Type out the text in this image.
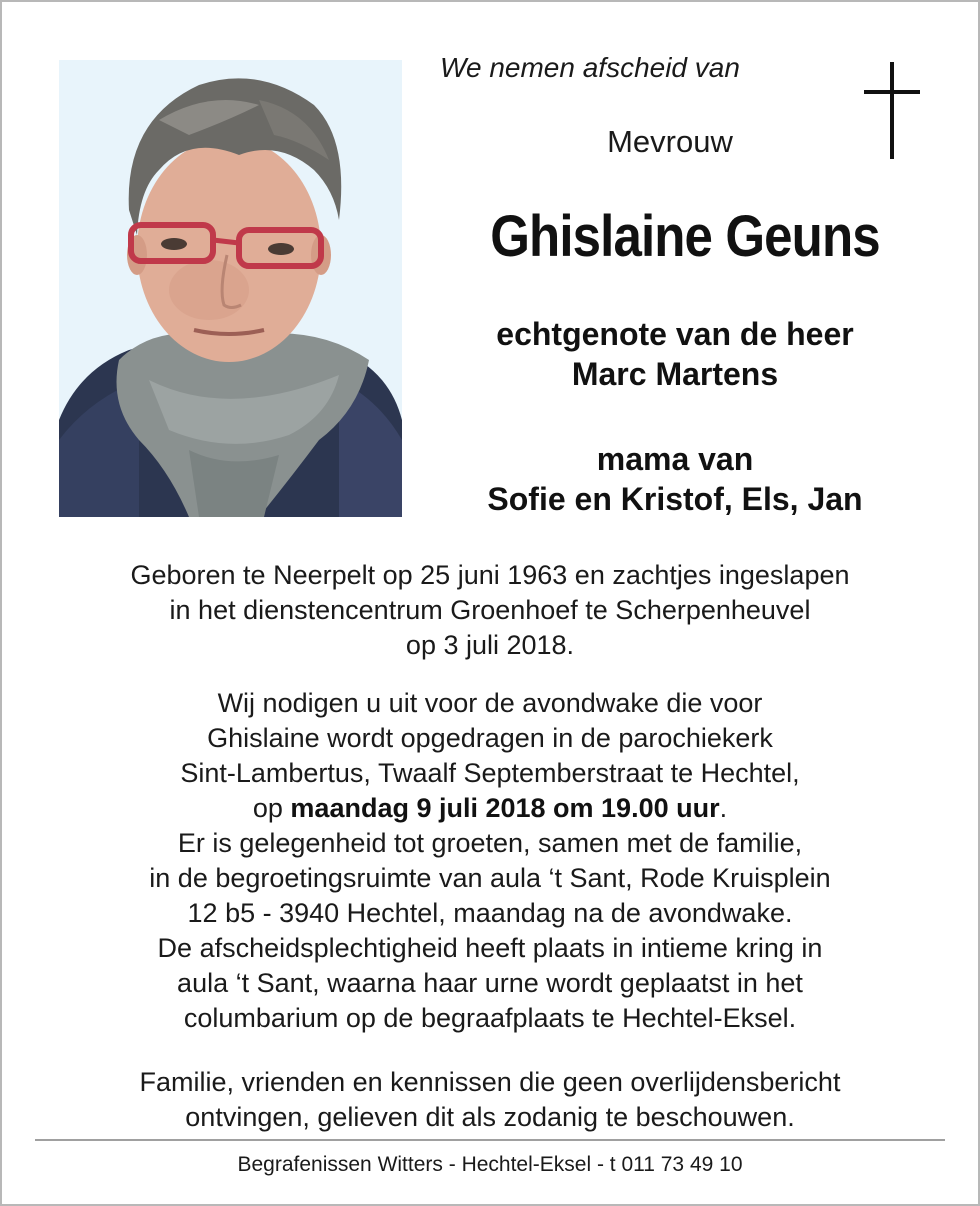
We nemen afscheid van
Mevrouw
Ghislaine Geuns
echtgenote van de heer
Marc Martens
mama van
Sofie en Kristof, Els, Jan
Geboren te Neerpelt op 25 juni 1963 en zachtjes ingeslapen
in het dienstencentrum Groenhoef te Scherpenheuvel
op 3 juli 2018.
Wij nodigen u uit voor de avondwake die voor
Ghislaine wordt opgedragen in de parochiekerk
Sint-Lambertus, Twaalf Septemberstraat te Hechtel,
op maandag 9 juli 2018 om 19.00 uur.
Er is gelegenheid tot groeten, samen met de familie,
in de begroetingsruimte van aula ‘t Sant, Rode Kruisplein
12 b5 - 3940 Hechtel, maandag na de avondwake.
De afscheidsplechtigheid heeft plaats in intieme kring in
aula ‘t Sant, waarna haar urne wordt geplaatst in het
columbarium op de begraafplaats te Hechtel-Eksel.
Familie, vrienden en kennissen die geen overlijdensbericht
ontvingen, gelieven dit als zodanig te beschouwen.
Begrafenissen Witters - Hechtel-Eksel - t 011 73 49 10
